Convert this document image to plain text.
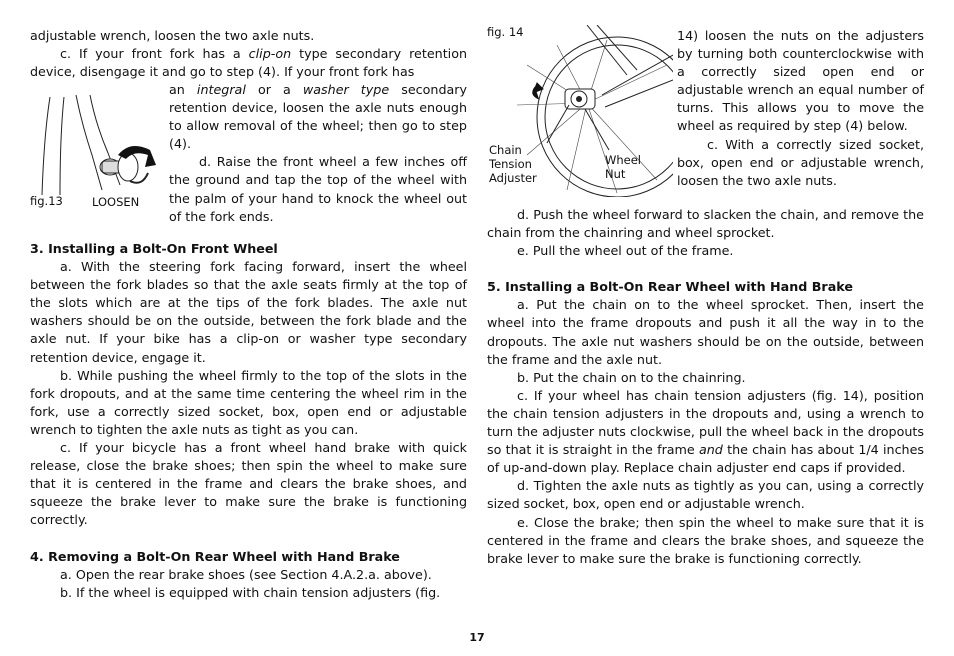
adjustable wrench, loosen the two axle nuts.

c. If your front fork has a clip-on type secondary retention device, disengage it and go to step (4). If your front fork has

fig.13	LOOSEN

an integral or a washer type secondary retention device, loosen the axle nuts enough to allow removal of the wheel; then go to step (4).

d. Raise the front wheel a few inches off the ground and tap the top of the wheel with the palm of your hand to knock the wheel out of the fork ends.

3. Installing a Bolt-On Front Wheel

a. With the steering fork facing forward, insert the wheel between the fork blades so that the axle seats firmly at the top of the slots which are at the tips of the fork blades. The axle nut washers should be on the outside, between the fork blade and the axle nut. If your bike has a clip-on or washer type secondary retention device, engage it.

b. While pushing the wheel firmly to the top of the slots in the fork dropouts, and at the same time centering the wheel rim in the fork, use a correctly sized socket, box, open end or adjustable wrench to tighten the axle nuts as tight as you can.

c. If your bicycle has a front wheel hand brake with quick release, close the brake shoes; then spin the wheel to make sure that it is centered in the frame and clears the brake shoes, and squeeze the brake lever to make sure the brake is functioning correctly.

4. Removing a Bolt-On Rear Wheel with Hand Brake

a. Open the rear brake shoes (see Section 4.A.2.a. above).

b. If the wheel is equipped with chain tension adjusters (fig.

fig. 14
Chain
Tension
Adjuster
Wheel
Nut

14) loosen the nuts on the adjusters by turning both counterclockwise with a correctly sized open end or adjustable wrench an equal number of turns. This allows you to move the wheel as required by step (4) below.

c. With a correctly sized socket, box, open end or adjustable wrench, loosen the two axle nuts.

d. Push the wheel forward to slacken the chain, and remove the chain from the chainring and wheel sprocket.

e. Pull the wheel out of the frame.

5. Installing a Bolt-On Rear Wheel with Hand Brake

a. Put the chain on to the wheel sprocket. Then, insert the wheel into the frame dropouts and push it all the way in to the dropouts. The axle nut washers should be on the outside, between the frame and the axle nut.

b. Put the chain on to the chainring.

c. If your wheel has chain tension adjusters (fig. 14), position the chain tension adjusters in the dropouts and, using a wrench to turn the adjuster nuts clockwise, pull the wheel back in the dropouts so that it is straight in the frame and the chain has about 1/4 inches of up-and-down play. Replace chain adjuster end caps if provided.

d. Tighten the axle nuts as tightly as you can, using a correctly sized socket, box, open end or adjustable wrench.

e. Close the brake; then spin the wheel to make sure that it is centered in the frame and clears the brake shoes, and squeeze the brake lever to make sure the brake is functioning correctly.

17
